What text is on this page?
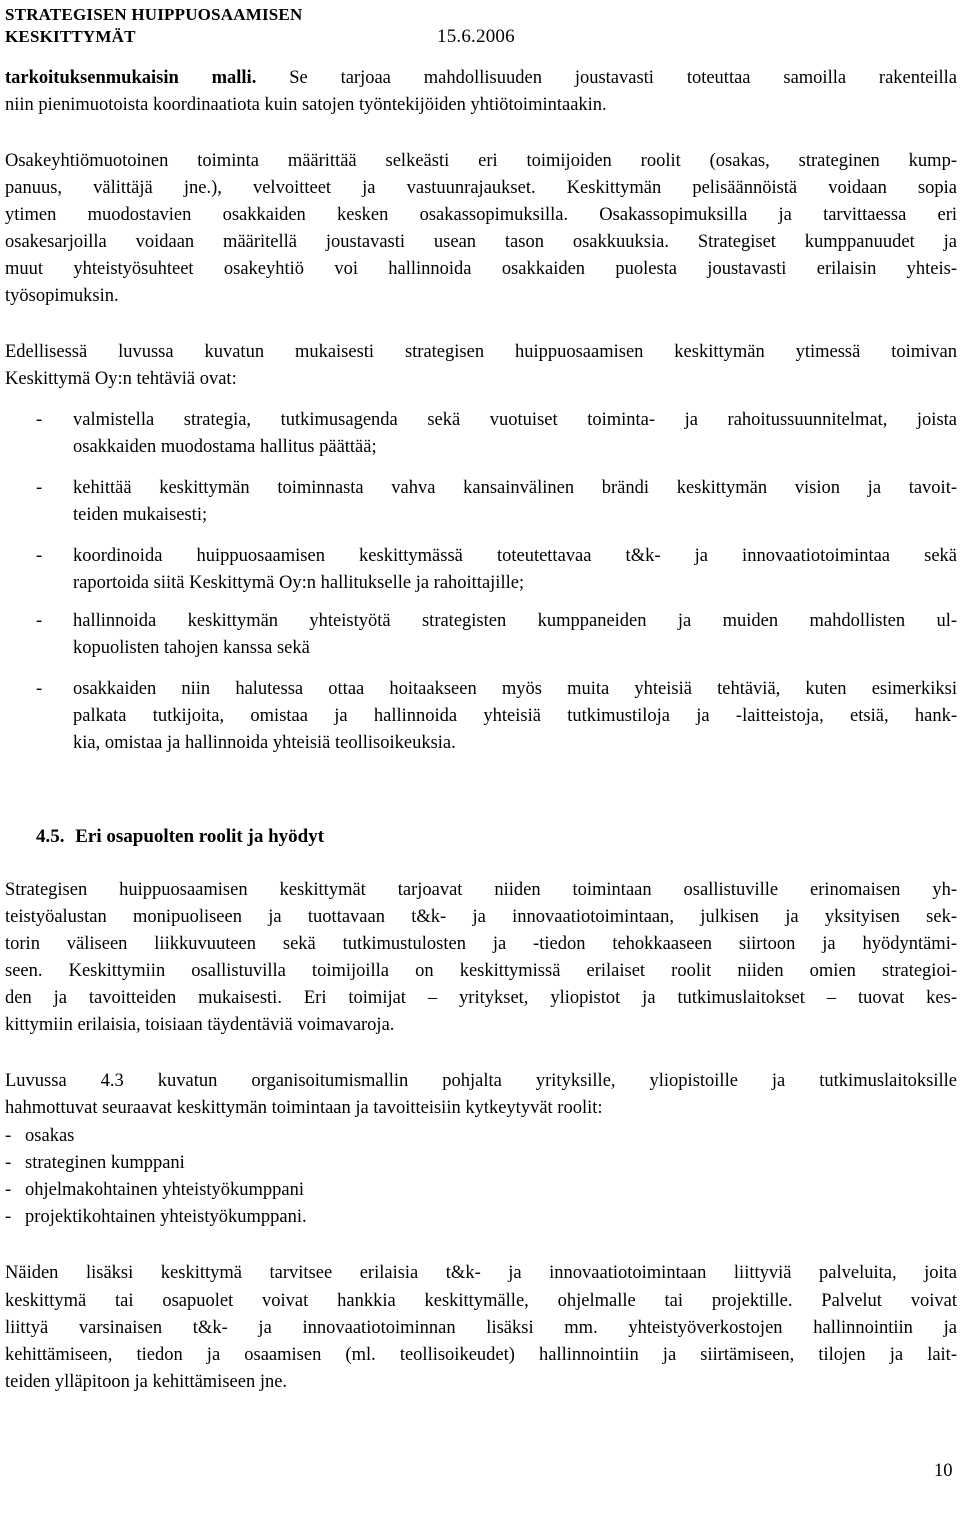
STRATEGISEN HUIPPUOSAAMISEN
KESKITTYMÄT	15.6.2006
tarkoituksenmukaisin malli. Se tarjoaa mahdollisuuden joustavasti toteuttaa samoilla rakenteilla
niin pienimuotoista koordinaatiota kuin satojen työntekijöiden yhtiötoimintaakin.
Osakeyhtiömuotoinen toiminta määrittää selkeästi eri toimijoiden roolit (osakas, strateginen kump-
panuus, välittäjä jne.), velvoitteet ja vastuunrajaukset. Keskittymän pelisäännöistä voidaan sopia
ytimen muodostavien osakkaiden kesken osakassopimuksilla. Osakassopimuksilla ja tarvittaessa eri
osakesarjoilla voidaan määritellä joustavasti usean tason osakkuuksia. Strategiset kumppanuudet ja
muut yhteistyösuhteet osakeyhtiö voi hallinnoida osakkaiden puolesta joustavasti erilaisin yhteis-
työsopimuksin.
Edellisessä luvussa kuvatun mukaisesti strategisen huippuosaamisen keskittymän ytimessä toimivan
Keskittymä Oy:n tehtäviä ovat:
- valmistella strategia, tutkimusagenda sekä vuotuiset toiminta- ja rahoitussuunnitelmat, joista
osakkaiden muodostama hallitus päättää;
- kehittää keskittymän toiminnasta vahva kansainvälinen brändi keskittymän vision ja tavoit-
teiden mukaisesti;
- koordinoida huippuosaamisen keskittymässä toteutettavaa t&k- ja innovaatiotoimintaa sekä
raportoida siitä Keskittymä Oy:n hallitukselle ja rahoittajille;
- hallinnoida keskittymän yhteistyötä strategisten kumppaneiden ja muiden mahdollisten ul-
kopuolisten tahojen kanssa sekä
- osakkaiden niin halutessa ottaa hoitaakseen myös muita yhteisiä tehtäviä, kuten esimerkiksi
palkata tutkijoita, omistaa ja hallinnoida yhteisiä tutkimustiloja ja -laitteistoja, etsiä, hank-
kia, omistaa ja hallinnoida yhteisiä teollisoikeuksia.
4.5. Eri osapuolten roolit ja hyödyt
Strategisen huippuosaamisen keskittymät tarjoavat niiden toimintaan osallistuville erinomaisen yh-
teistyöalustan monipuoliseen ja tuottavaan t&k- ja innovaatiotoimintaan, julkisen ja yksityisen sek-
torin väliseen liikkuvuuteen sekä tutkimustulosten ja -tiedon tehokkaaseen siirtoon ja hyödyntämi-
seen. Keskittymiin osallistuvilla toimijoilla on keskittymissä erilaiset roolit niiden omien strategioi-
den ja tavoitteiden mukaisesti. Eri toimijat – yritykset, yliopistot ja tutkimuslaitokset – tuovat kes-
kittymiin erilaisia, toisiaan täydentäviä voimavaroja.
Luvussa 4.3 kuvatun organisoitumismallin pohjalta yrityksille, yliopistoille ja tutkimuslaitoksille
hahmottuvat seuraavat keskittymän toimintaan ja tavoitteisiin kytkeytyvät roolit:
-   osakas
-   strateginen kumppani
-   ohjelmakohtainen yhteistyökumppani
-   projektikohtainen yhteistyökumppani.
Näiden lisäksi keskittymä tarvitsee erilaisia t&k- ja innovaatiotoimintaan liittyviä palveluita, joita
keskittymä tai osapuolet voivat hankkia keskittymälle, ohjelmalle tai projektille. Palvelut voivat
liittyä varsinaisen t&k- ja innovaatiotoiminnan lisäksi mm. yhteistyöverkostojen hallinnointiin ja
kehittämiseen, tiedon ja osaamisen (ml. teollisoikeudet) hallinnointiin ja siirtämiseen, tilojen ja lait-
teiden ylläpitoon ja kehittämiseen jne.
10
